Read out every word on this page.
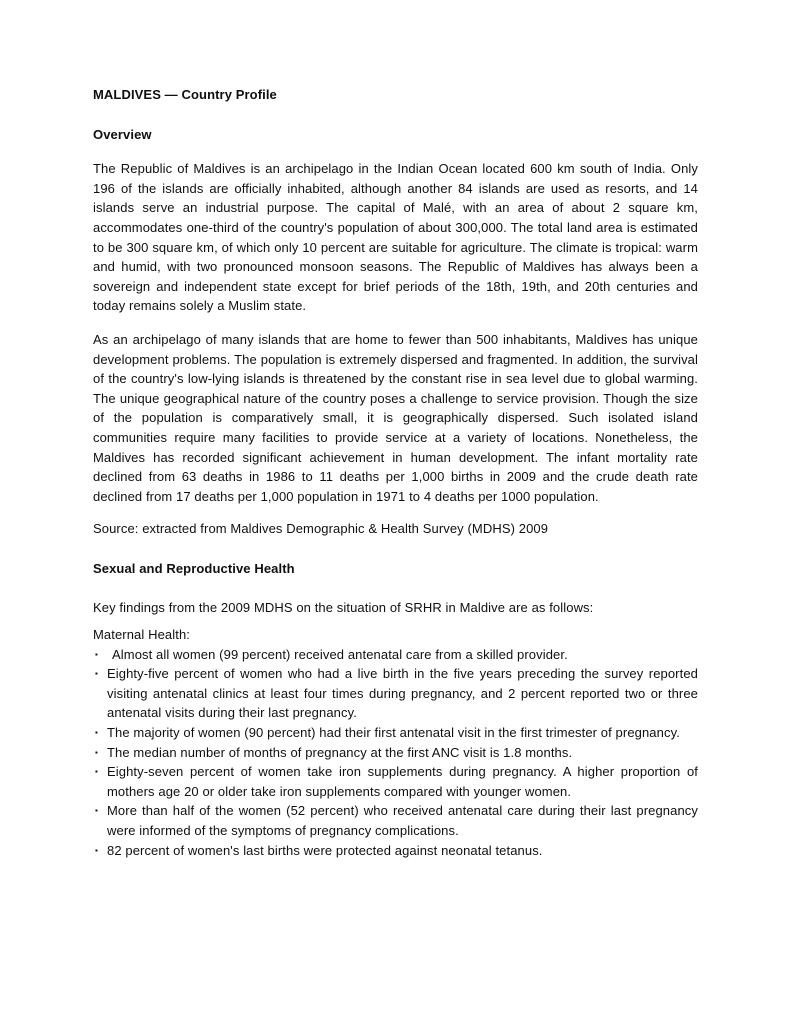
MALDIVES — Country Profile
Overview

The Republic of Maldives is an archipelago in the Indian Ocean located 600 km south of India. Only 196 of the islands are officially inhabited, although another 84 islands are used as resorts, and 14 islands serve an industrial purpose. The capital of Malé, with an area of about 2 square km, accommodates one-third of the country's population of about 300,000. The total land area is estimated to be 300 square km, of which only 10 percent are suitable for agriculture. The climate is tropical: warm and humid, with two pronounced monsoon seasons. The Republic of Maldives has always been a sovereign and independent state except for brief periods of the 18th, 19th, and 20th centuries and today remains solely a Muslim state.

As an archipelago of many islands that are home to fewer than 500 inhabitants, Maldives has unique development problems. The population is extremely dispersed and fragmented. In addition, the survival of the country's low-lying islands is threatened by the constant rise in sea level due to global warming. The unique geographical nature of the country poses a challenge to service provision. Though the size of the population is comparatively small, it is geographically dispersed. Such isolated island communities require many facilities to provide service at a variety of locations. Nonetheless, the Maldives has recorded significant achievement in human development. The infant mortality rate declined from 63 deaths in 1986 to 11 deaths per 1,000 births in 2009 and the crude death rate declined from 17 deaths per 1,000 population in 1971 to 4 deaths per 1000 population.

Source: extracted from Maldives Demographic & Health Survey (MDHS) 2009

Sexual and Reproductive Health

Key findings from the 2009 MDHS on the situation of SRHR in Maldive are as follows:

Maternal Health:

▪	Almost all women (99 percent) received antenatal care from a skilled provider.
▪ Eighty-five percent of women who had a live birth in the five years preceding the survey reported visiting antenatal clinics at least four times during pregnancy, and 2 percent reported two or three antenatal visits during their last pregnancy.
▪ The majority of women (90 percent) had their first antenatal visit in the first trimester of pregnancy.
▪ The median number of months of pregnancy at the first ANC visit is 1.8 months.
▪ Eighty-seven percent of women take iron supplements during pregnancy. A higher proportion of mothers age 20 or older take iron supplements compared with younger women.
▪ More than half of the women (52 percent) who received antenatal care during their last pregnancy were informed of the symptoms of pregnancy complications.
▪ 82 percent of women's last births were protected against neonatal tetanus.
